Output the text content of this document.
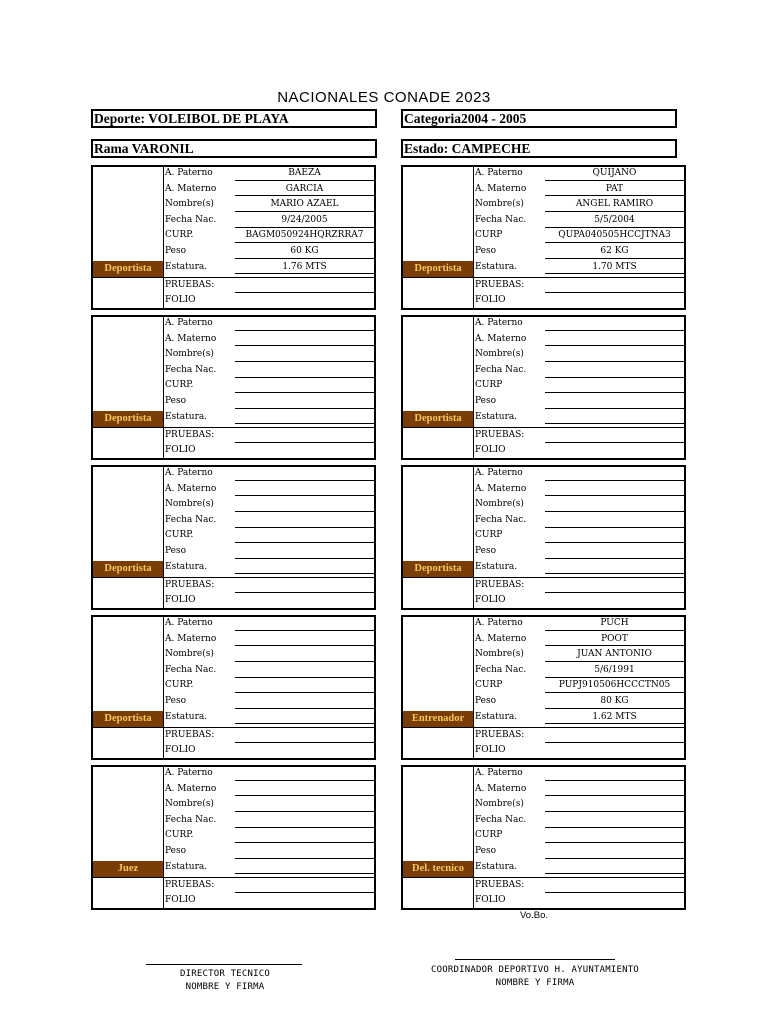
NACIONALES CONADE 2023
Deporte: VOLEIBOL DE PLAYA	Categoria2004 - 2005
Rama VARONIL	Estado: CAMPECHE
Deportista
A. Paterno	BAEZA
A. Materno	GARCIA
Nombre(s)	MARIO AZAEL
Fecha Nac.	9/24/2005
CURP.	BAGM050924HQRZRRA7
Peso	60 KG
Estatura.	1.76 MTS
PRUEBAS:
FOLIO
Deportista
A. Paterno	QUIJANO
A. Materno	PAT
Nombre(s)	ANGEL RAMIRO
Fecha Nac.	5/5/2004
CURP	QUPA040505HCCJTNA3
Peso	62 KG
Estatura.	1.70 MTS
PRUEBAS:
FOLIO
Deportista
A. Paterno
A. Materno
Nombre(s)
Fecha Nac.
CURP.
Peso
Estatura.
PRUEBAS:
FOLIO
Deportista
A. Paterno
A. Materno
Nombre(s)
Fecha Nac.
CURP
Peso
Estatura.
PRUEBAS:
FOLIO
Deportista
A. Paterno
A. Materno
Nombre(s)
Fecha Nac.
CURP.
Peso
Estatura.
PRUEBAS:
FOLIO
Deportista
A. Paterno
A. Materno
Nombre(s)
Fecha Nac.
CURP
Peso
Estatura.
PRUEBAS:
FOLIO
Deportista
A. Paterno
A. Materno
Nombre(s)
Fecha Nac.
CURP.
Peso
Estatura.
PRUEBAS:
FOLIO
Entrenador
A. Paterno	PUCH
A. Materno	POOT
Nombre(s)	JUAN ANTONIO
Fecha Nac.	5/6/1991
CURP	PUPJ910506HCCCTN05
Peso	80 KG
Estatura.	1.62 MTS
PRUEBAS:
FOLIO
Juez
A. Paterno
A. Materno
Nombre(s)
Fecha Nac.
CURP.
Peso
Estatura.
PRUEBAS:
FOLIO
Del. tecnico
A. Paterno
A. Materno
Nombre(s)
Fecha Nac.
CURP
Peso
Estatura.
PRUEBAS:
FOLIO
Vo.Bo.
DIRECTOR TECNICO
NOMBRE Y FIRMA
COORDINADOR DEPORTIVO H. AYUNTAMIENTO
NOMBRE Y FIRMA
